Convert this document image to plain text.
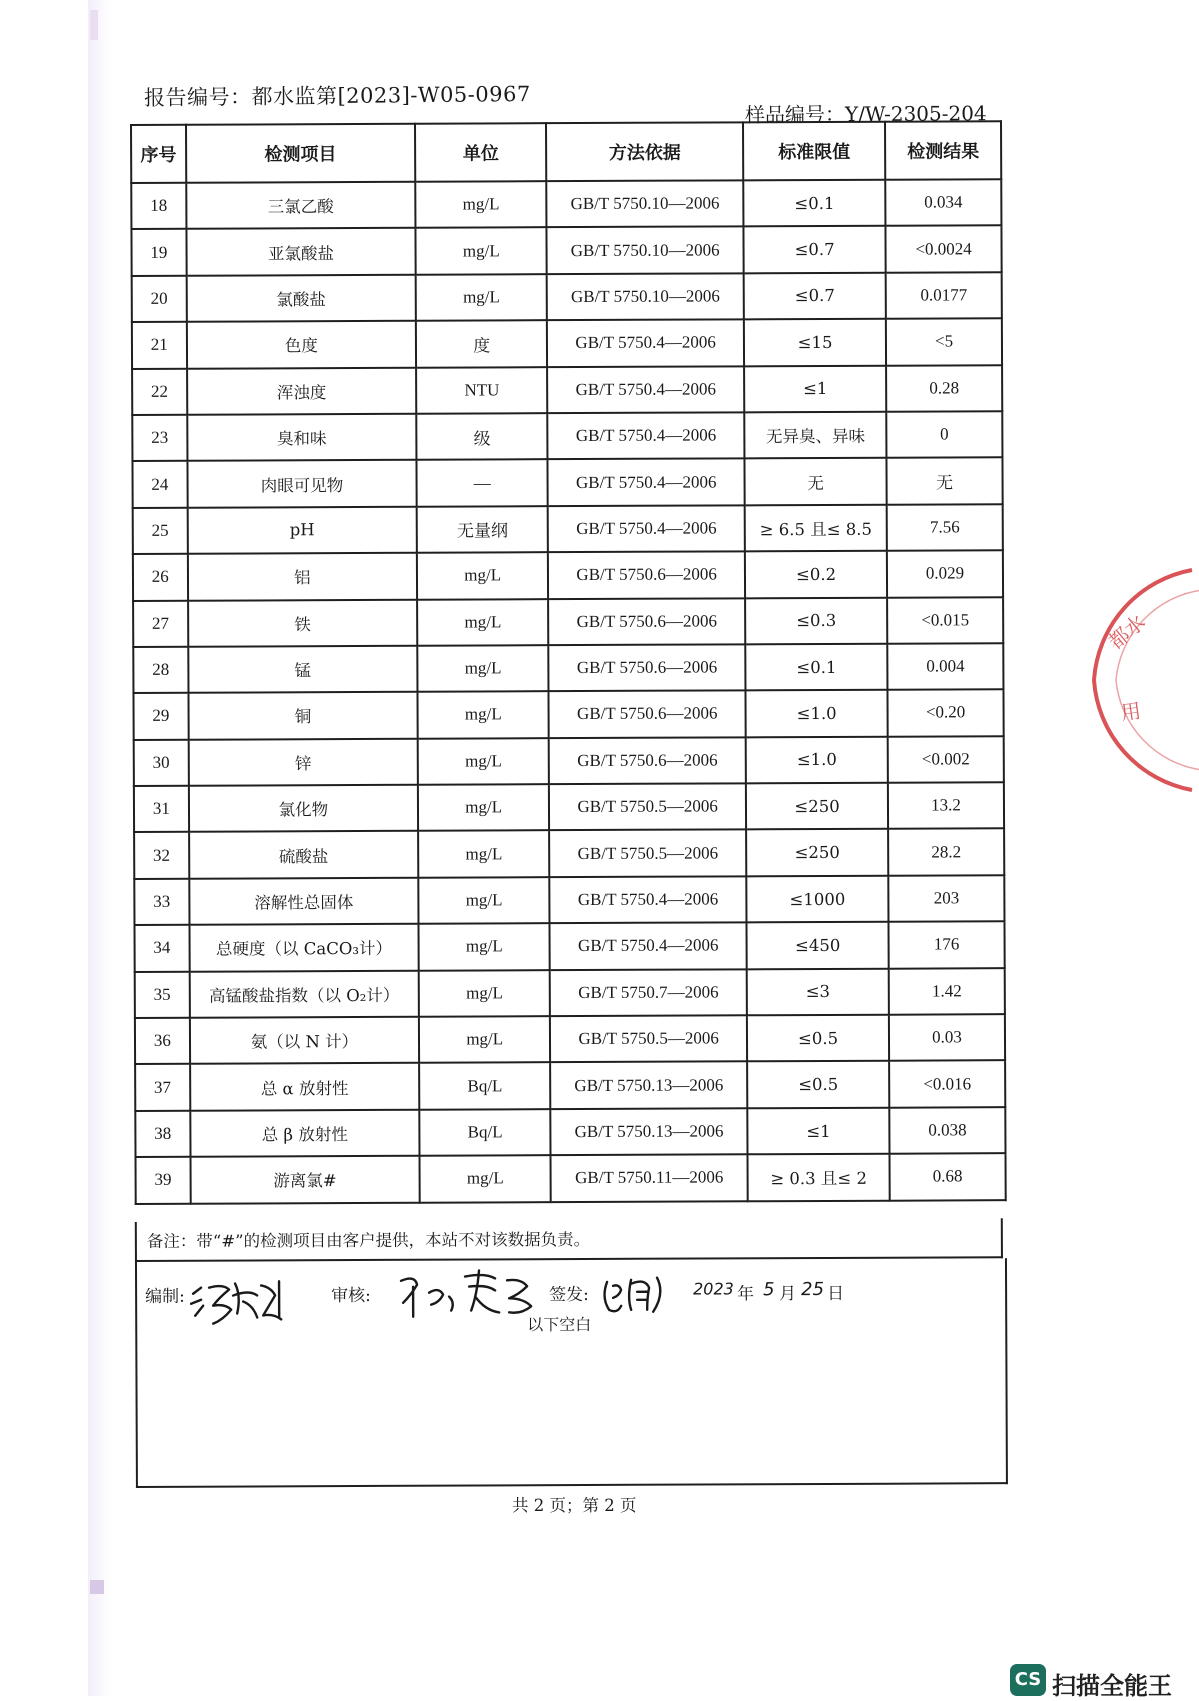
报告编号：都水监第[2023]-W05-0967
样品编号：Y/W-2305-204
序号	检测项目	单位	方法依据	标准限值	检测结果
18	三氯乙酸	mg/L	GB/T 5750.10—2006	≤0.1	0.034
19	亚氯酸盐	mg/L	GB/T 5750.10—2006	≤0.7	<0.0024
20	氯酸盐	mg/L	GB/T 5750.10—2006	≤0.7	0.0177
21	色度	度	GB/T 5750.4—2006	≤15	<5
22	浑浊度	NTU	GB/T 5750.4—2006	≤1	0.28
23	臭和味	级	GB/T 5750.4—2006	无异臭、异味	0
24	肉眼可见物	—	GB/T 5750.4—2006	无	无
25	pH	无量纲	GB/T 5750.4—2006	≥ 6.5 且≤ 8.5	7.56
26	铝	mg/L	GB/T 5750.6—2006	≤0.2	0.029
27	铁	mg/L	GB/T 5750.6—2006	≤0.3	<0.015
28	锰	mg/L	GB/T 5750.6—2006	≤0.1	0.004
29	铜	mg/L	GB/T 5750.6—2006	≤1.0	<0.20
30	锌	mg/L	GB/T 5750.6—2006	≤1.0	<0.002
31	氯化物	mg/L	GB/T 5750.5—2006	≤250	13.2
32	硫酸盐	mg/L	GB/T 5750.5—2006	≤250	28.2
33	溶解性总固体	mg/L	GB/T 5750.4—2006	≤1000	203
34	总硬度（以 CaCO₃计）	mg/L	GB/T 5750.4—2006	≤450	176
35	高锰酸盐指数（以 O₂计）	mg/L	GB/T 5750.7—2006	≤3	1.42
36	氨（以 N 计）	mg/L	GB/T 5750.5—2006	≤0.5	0.03
37	总 α 放射性	Bq/L	GB/T 5750.13—2006	≤0.5	<0.016
38	总 β 放射性	Bq/L	GB/T 5750.13—2006	≤1	0.038
39	游离氯#	mg/L	GB/T 5750.11—2006	≥ 0.3 且≤ 2	0.68
备注：带“#”的检测项目由客户提供，本站不对该数据负责。
编制:	审核:	签发:	2023 年 5 月 25 日
以下空白
都水
用
共 2 页；第 2 页
CS 扫描全能王
